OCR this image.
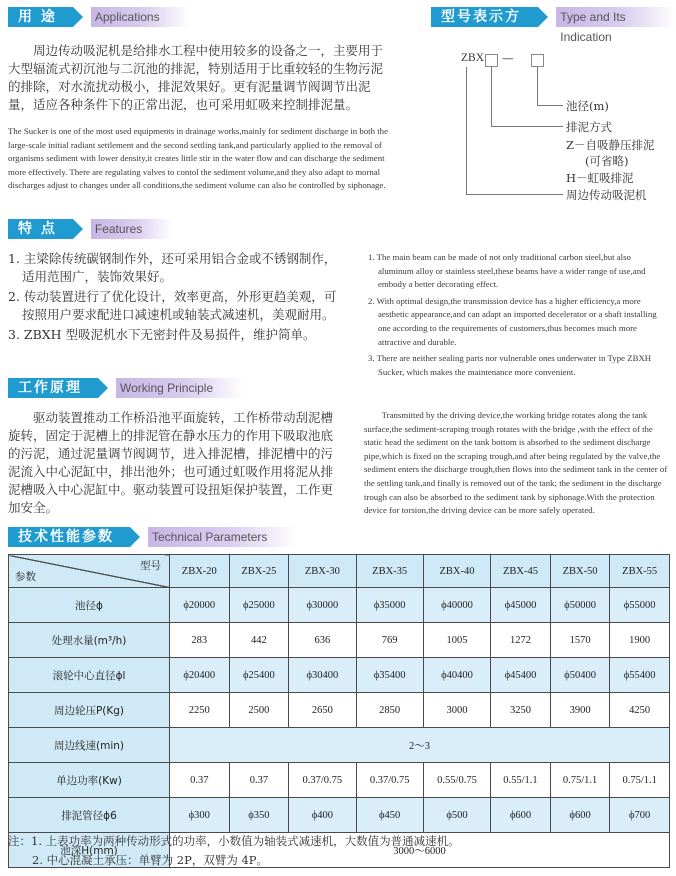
用 途	Applications
周边传动吸泥机是给排水工程中使用较多的设备之一，主要用于大型辐流式初沉池与二沉池的排泥，特别适用于比重较轻的生物污泥的排除，对水流扰动极小，排泥效果好。更有泥量调节阀调节出泥量，适应各种条件下的正常出泥，也可采用虹吸来控制排泥量。
The Sucker is one of the most used equipments in drainage works,mainly for sediment discharge in both the large-scale initial radiant settlement and the second settling tank,and particularly applied to the removal of organisms sediment with lower density,it creates little stir in the water flow and can discharge the sediment more effectively. There are regulating valves to contol the sediment volume,and they also adapt to mornal discharges adjust to changes under all conditions,the sediment volume can also be controlled by siphonage.
型号表示方式
Type and Its Indication
ZBX —
池径(m)
排泥方式
Z－自吸静压排泥
(可省略)
H－虹吸排泥
周边传动吸泥机
特 点	Features

1. 主梁除传统碳钢制作外，还可采用铝合金或不锈钢制作，适用范围广，装饰效果好。

2. 传动装置进行了优化设计，效率更高，外形更趋美观，可按照用户要求配进口减速机或轴装式减速机，美观耐用。

3. ZBXH 型吸泥机水下无密封件及易损件，维护简单。

1. The main beam can be made of not only traditional carbon steel,but also aluminum alloy or stainless steel,these beams have a wider range of use,and embody a better decorating effect.

2. With optimal design,the transmission device has a higher efficiency,a more aesthetic appearance,and can adapt an imported decelerator or a shaft installing one according to the requirements of customers,thus becomes much more attractive and durable.

3. There are neither sealing parts nor vulnerable ones underwater in Type ZBXH Sucker, which makes the maintenance more convenient.

工作原理	Working Principle
驱动装置推动工作桥沿池平面旋转，工作桥带动刮泥槽旋转，固定于泥槽上的排泥管在静水压力的作用下吸取池底的污泥，通过泥量调节阀调节，进入排泥槽，排泥槽中的污泥流入中心泥缸中，排出池外；也可通过虹吸作用将泥从排泥槽吸入中心泥缸中。驱动装置可设扭矩保护装置，工作更加安全。
Transmitted by the driving device,the working bridge rotates along the tank surface,the sediment-scraping trough rotates with the bridge ,with the effect of the static head the sediment on the tank bottom is absorbed to the sediment discharge pipe,which is fixed on the scraping trough,and after being regulated by the valve,the sediment enters the discharge trough,then flows into the sediment tank in the center of the settling tank,and finally is removed out of the tank; the sediment in the discharge trough can also be absorbed to the sediment tank by siphonage.With the protection device for torsion,the driving device can be more safely operated.
技术性能参数	Technical Parameters
型号
参数	ZBX-20	ZBX-25	ZBX-30	ZBX-35	ZBX-40	ZBX-45	ZBX-50	ZBX-55
池径ϕ	ϕ20000	ϕ25000	ϕ30000	ϕ35000	ϕ40000	ϕ45000	ϕ50000	ϕ55000
处理水量(m³/h)	283	442	636	769	1005	1272	1570	1900
滚轮中心直径ϕl	ϕ20400	ϕ25400	ϕ30400	ϕ35400	ϕ40400	ϕ45400	ϕ50400	ϕ55400
周边轮压P(Kg)	2250	2500	2650	2850	3000	3250	3900	4250
周边线速(min)	2～3							
单边功率(Kw)	0.37	0.37	0.37/0.75	0.37/0.75	0.55/0.75	0.55/1.1	0.75/1.1	0.75/1.1
排泥管径ϕ6	ϕ300	ϕ350	ϕ400	ϕ450	ϕ500	ϕ600	ϕ600	ϕ700
池深H(mm)	3000～6000							
注：1. 上表功率为两种传动形式的功率，小数值为轴装式减速机，大数值为普通减速机。
2. 中心混凝土承压：单臂为 2P，双臂为 4P。
